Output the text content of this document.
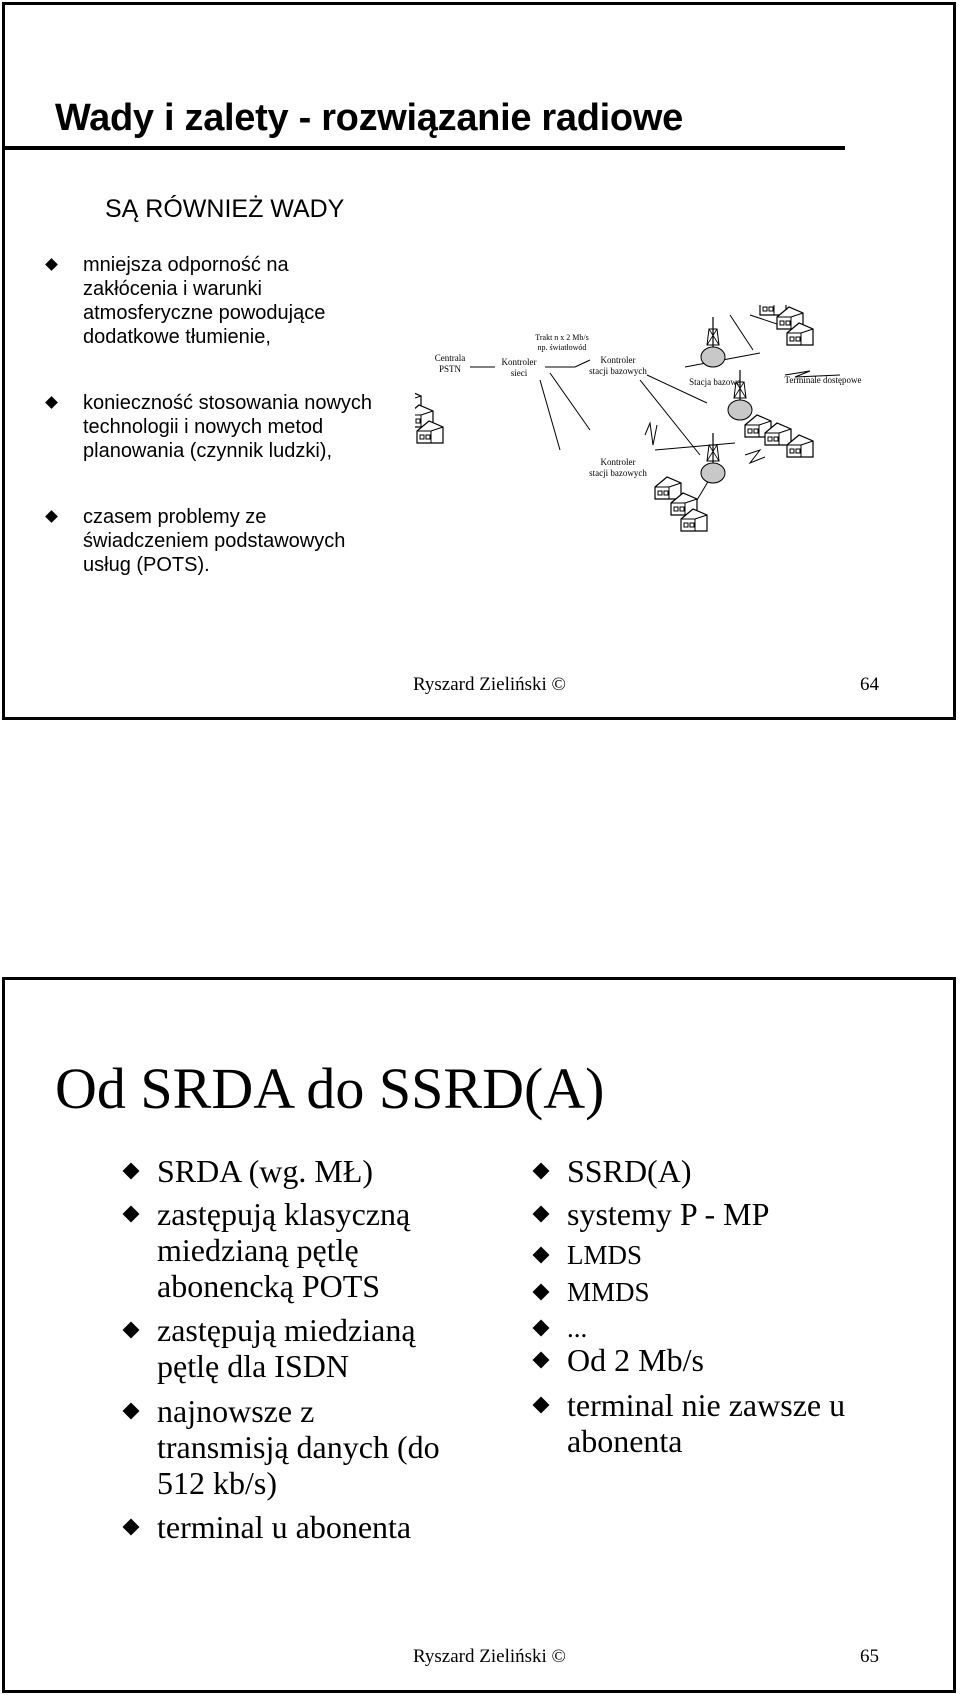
Wady i zalety - rozwiązanie radiowe
SĄ RÓWNIEŻ WADY
mniejsza odporność na
zakłócenia i warunki
atmosferyczne powodujące
dodatkowe tłumienie,
konieczność stosowania nowych
technologii i nowych metod
planowania (czynnik ludzki),
czasem problemy ze
świadczeniem podstawowych
usług (POTS).
Centrala
PSTN
Kontroler
sieci
Trakt n x 2 Mb/s
np. światłowód
Kontroler
stacji bazowych
Kontroler
stacji bazowych
Stacja bazowa	Terminale dostępowe
Ryszard Zieliński ©	64
Od SRDA do SSRD(A)
SRDA (wg. MŁ)
zastępują klasyczną
miedzianą pętlę
abonencką POTS
zastępują miedzianą
pętlę dla ISDN
najnowsze z
transmisją danych (do
512 kb/s)
terminal u abonenta
SSRD(A)
systemy P - MP
LMDS
MMDS
...
Od 2 Mb/s
terminal nie zawsze u
abonenta
Ryszard Zieliński ©	65
